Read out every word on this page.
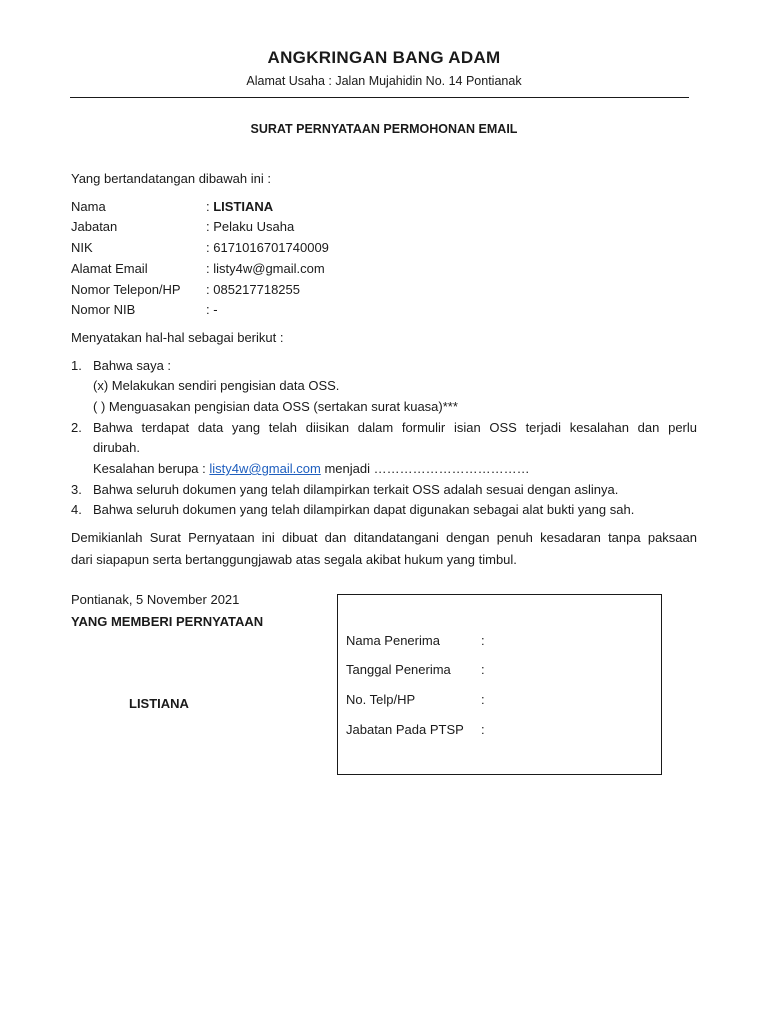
ANGKRINGAN BANG ADAM
Alamat Usaha : Jalan Mujahidin No. 14 Pontianak
SURAT PERNYATAAN PERMOHONAN EMAIL
Yang bertandatangan dibawah ini :
Nama	: LISTIANA
Jabatan	: Pelaku Usaha
NIK	: 6171016701740009
Alamat Email	: listy4w@gmail.com
Nomor Telepon/HP : 085217718255
Nomor NIB	: -
Menyatakan hal-hal sebagai berikut :
1. Bahwa saya :
(x) Melakukan sendiri pengisian data OSS.
( ) Menguasakan pengisian data OSS (sertakan surat kuasa)***
2. Bahwa terdapat data yang telah diisikan dalam formulir isian OSS terjadi kesalahan dan perlu
dirubah.
Kesalahan berupa : listy4w@gmail.com menjadi ………………………………
3. Bahwa seluruh dokumen yang telah dilampirkan terkait OSS adalah sesuai dengan aslinya.
4. Bahwa seluruh dokumen yang telah dilampirkan dapat digunakan sebagai alat bukti yang sah.
Demikianlah Surat Pernyataan ini dibuat dan ditandatangani dengan penuh kesadaran tanpa paksaan
dari siapapun serta bertanggungjawab atas segala akibat hukum yang timbul.
Pontianak, 5 November 2021
YANG MEMBERI PERNYATAAN
LISTIANA
Nama Penerima	:
Tanggal Penerima :
No. Telp/HP	:
Jabatan Pada PTSP :
